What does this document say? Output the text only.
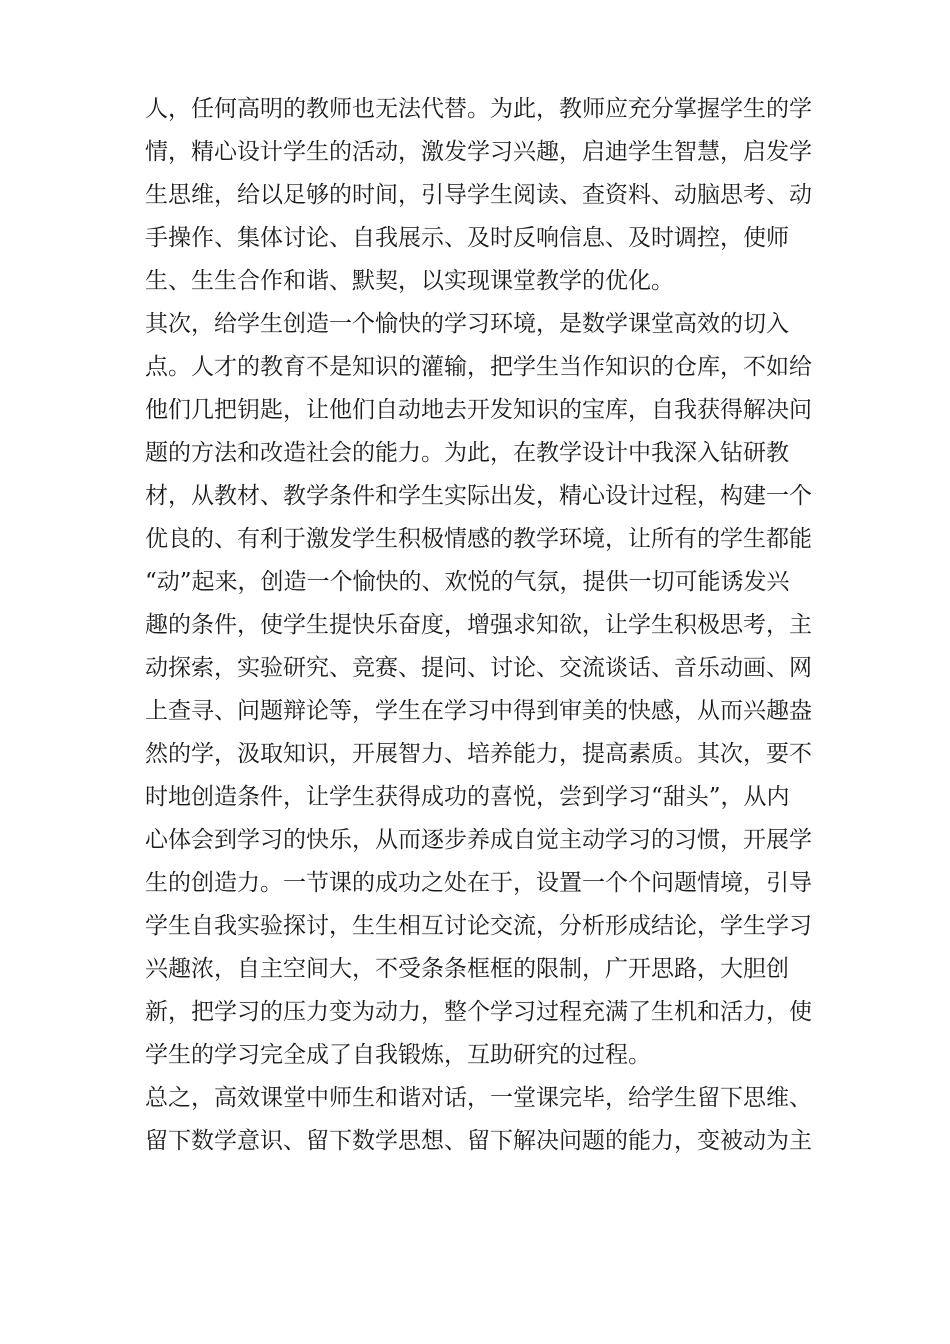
人，任何高明的教师也无法代替。为此，教师应充分掌握学生的学
情，精心设计学生的活动，激发学习兴趣，启迪学生智慧，启发学
生思维，给以足够的时间，引导学生阅读、查资料、动脑思考、动
手操作、集体讨论、自我展示、及时反响信息、及时调控，使师
生、生生合作和谐、默契，以实现课堂教学的优化。
其次，给学生创造一个愉快的学习环境，是数学课堂高效的切入
点。人才的教育不是知识的灌输，把学生当作知识的仓库，不如给
他们几把钥匙，让他们自动地去开发知识的宝库，自我获得解决问
题的方法和改造社会的能力。为此，在教学设计中我深入钻研教
材，从教材、教学条件和学生实际出发，精心设计过程，构建一个
优良的、有利于激发学生积极情感的教学环境，让所有的学生都能
“动”起来，创造一个愉快的、欢悦的气氛，提供一切可能诱发兴
趣的条件，使学生提快乐奋度，增强求知欲，让学生积极思考，主
动探索，实验研究、竞赛、提问、讨论、交流谈话、音乐动画、网
上查寻、问题辩论等，学生在学习中得到审美的快感，从而兴趣盎
然的学，汲取知识，开展智力、培养能力，提高素质。其次，要不
时地创造条件，让学生获得成功的喜悦，尝到学习“甜头”，从内
心体会到学习的快乐，从而逐步养成自觉主动学习的习惯，开展学
生的创造力。一节课的成功之处在于，设置一个个问题情境，引导
学生自我实验探讨，生生相互讨论交流，分析形成结论，学生学习
兴趣浓，自主空间大，不受条条框框的限制，广开思路，大胆创
新，把学习的压力变为动力，整个学习过程充满了生机和活力，使
学生的学习完全成了自我锻炼，互助研究的过程。
总之，高效课堂中师生和谐对话，一堂课完毕，给学生留下思维、
留下数学意识、留下数学思想、留下解决问题的能力，变被动为主
